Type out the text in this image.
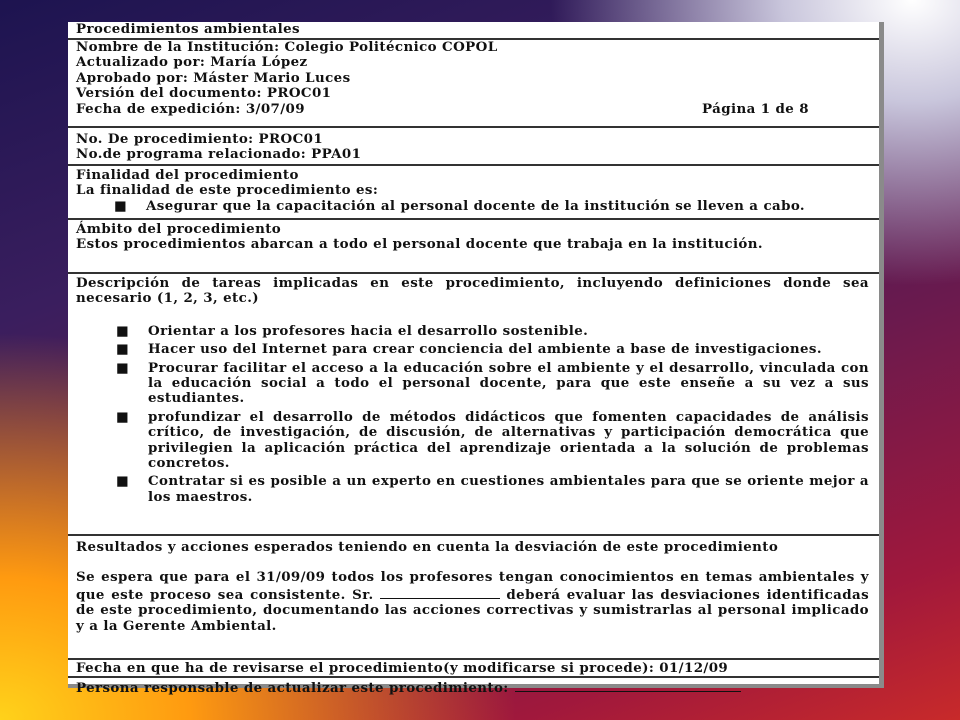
Procedimientos ambientales

Nombre de la Institución: Colegio Politécnico COPOL

Actualizado por: María López

Aprobado por: Máster Mario Luces

Versión del documento: PROC01

Fecha de expedición: 3/07/09	Página 1 de 8

No. De procedimiento: PROC01

No.de programa relacionado: PPA01

Finalidad del procedimiento

La finalidad de este procedimiento es:

■ Asegurar que la capacitación al personal docente de la institución se lleven a cabo.

Ámbito del procedimiento

Estos procedimientos abarcan a todo el personal docente que trabaja en la institución.

Descripción de tareas implicadas en este procedimiento, incluyendo definiciones donde sea necesario (1, 2, 3, etc.)

■ Orientar a los profesores hacia el desarrollo sostenible.
■ Hacer uso del Internet para crear conciencia del ambiente a base de investigaciones.
■ Procurar facilitar el acceso a la educación sobre el ambiente y el desarrollo, vinculada con la educación social a todo el personal docente, para que este enseñe a su vez a sus estudiantes.
■ profundizar el desarrollo de métodos didácticos que fomenten capacidades de análisis crítico, de investigación, de discusión, de alternativas y participación democrática que privilegien la aplicación práctica del aprendizaje orientada a la solución de problemas concretos.
■ Contratar si es posible a un experto en cuestiones ambientales para que se oriente mejor a los maestros.

Resultados y acciones esperados teniendo en cuenta la desviación de este procedimiento

Se espera que para el 31/09/09 todos los profesores tengan conocimientos en temas ambientales y que este proceso sea consistente. Sr.	deberá evaluar las desviaciones identificadas de este procedimiento, documentando las acciones correctivas y sumistrarlas al personal implicado y a la Gerente Ambiental.

Fecha en que ha de revisarse el procedimiento(y modificarse si procede): 01/12/09

Persona responsable de actualizar este procedimiento:
